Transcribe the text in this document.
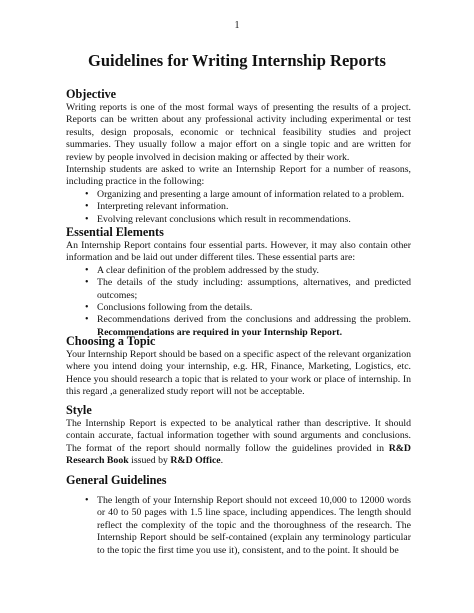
1
Guidelines for Writing Internship Reports
Objective

Writing reports is one of the most formal ways of presenting the results of a project. Reports can be written about any professional activity including experimental or test results, design proposals, economic or technical feasibility studies and project summaries. They usually follow a major effort on a single topic and are written for review by people involved in decision making or affected by their work.

Internship students are asked to write an Internship Report for a number of reasons, including practice in the following:

• Organizing and presenting a large amount of information related to a problem.
• Interpreting relevant information.
• Evolving relevant conclusions which result in recommendations.
Essential Elements

An Internship Report contains four essential parts. However, it may also contain other information and be laid out under different tiles. These essential parts are:

• A clear definition of the problem addressed by the study.
• The details of the study including: assumptions, alternatives, and predicted outcomes;
• Conclusions following from the details.
• Recommendations derived from the conclusions and addressing the problem. Recommendations are required in your Internship Report.
Choosing a Topic

Your Internship Report should be based on a specific aspect of the relevant organization where you intend doing your internship, e.g. HR, Finance, Marketing, Logistics, etc. Hence you should research a topic that is related to your work or place of internship. In this regard ,a generalized study report will not be acceptable.

Style

The Internship Report is expected to be analytical rather than descriptive. It should contain accurate, factual information together with sound arguments and conclusions. The format of the report should normally follow the guidelines provided in R&D Research Book issued by R&D Office.

General Guidelines
• The length of your Internship Report should not exceed 10,000 to 12000 words or 40 to 50 pages with 1.5 line space, including appendices. The length should reflect the complexity of the topic and the thoroughness of the research. The Internship Report should be self-contained (explain any terminology particular to the topic the first time you use it), consistent, and to the point. It should be
